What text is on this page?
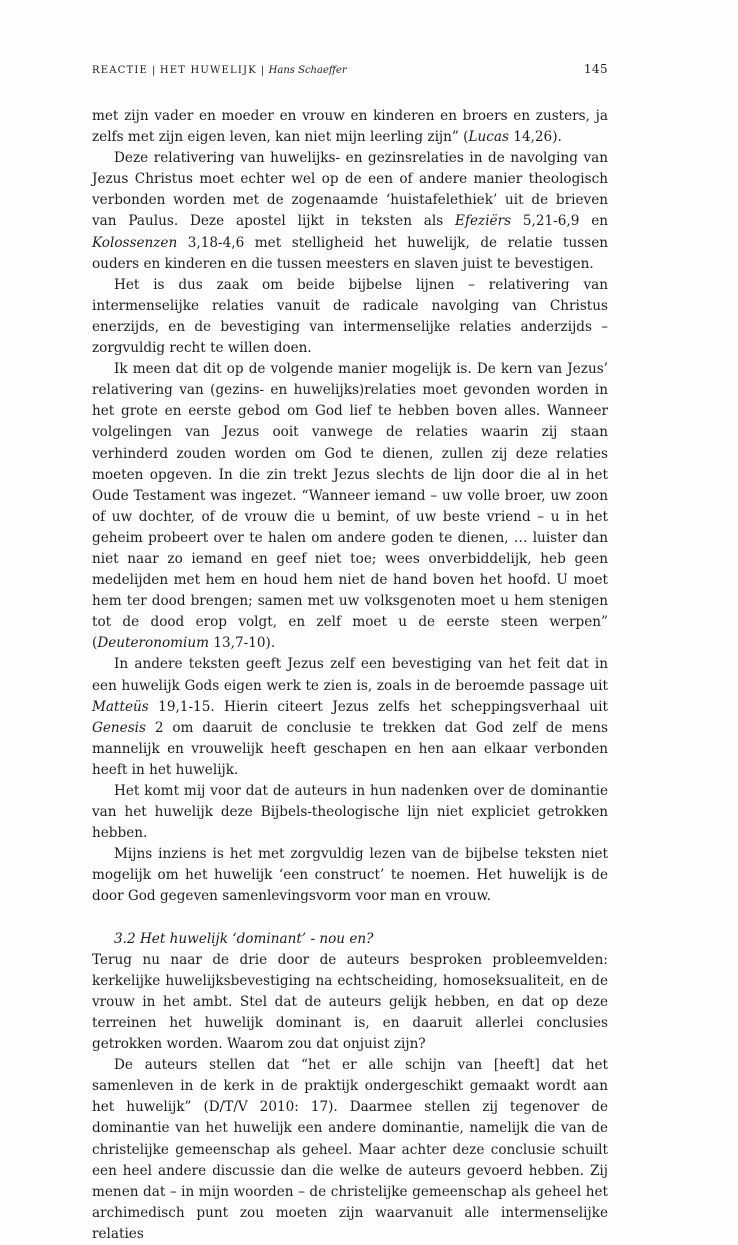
REACTIE | HET HUWELIJK | Hans Schaeffer	145

met zijn vader en moeder en vrouw en kinderen en broers en zusters, ja zelfs met zijn eigen leven, kan niet mijn leerling zijn” (Lucas 14,26).

Deze relativering van huwelijks- en gezinsrelaties in de navolging van Jezus Christus moet echter wel op de een of andere manier theologisch verbonden worden met de zogenaamde ‘huistafelethiek’ uit de brieven van Paulus. Deze apostel lijkt in teksten als Efeziërs 5,21-6,9 en Kolossenzen 3,18-4,6 met stelligheid het huwelijk, de relatie tussen ouders en kinderen en die tussen meesters en slaven juist te bevestigen.

Het is dus zaak om beide bijbelse lijnen – relativering van intermenselijke relaties vanuit de radicale navolging van Christus enerzijds, en de bevestiging van intermenselijke relaties anderzijds – zorgvuldig recht te willen doen.

Ik meen dat dit op de volgende manier mogelijk is. De kern van Jezus’ relativering van (gezins- en huwelijks)relaties moet gevonden worden in het grote en eerste gebod om God lief te hebben boven alles. Wanneer volgelingen van Jezus ooit vanwege de relaties waarin zij staan verhinderd zouden worden om God te dienen, zullen zij deze relaties moeten opgeven. In die zin trekt Jezus slechts de lijn door die al in het Oude Testament was ingezet. “Wanneer iemand – uw volle broer, uw zoon of uw dochter, of de vrouw die u bemint, of uw beste vriend – u in het geheim probeert over te halen om andere goden te dienen, … luister dan niet naar zo iemand en geef niet toe; wees onverbiddelijk, heb geen medelijden met hem en houd hem niet de hand boven het hoofd. U moet hem ter dood brengen; samen met uw volksgenoten moet u hem stenigen tot de dood erop volgt, en zelf moet u de eerste steen werpen” (Deuteronomium 13,7-10).

In andere teksten geeft Jezus zelf een bevestiging van het feit dat in een huwelijk Gods eigen werk te zien is, zoals in de beroemde passage uit Matteüs 19,1-15. Hierin citeert Jezus zelfs het scheppingsverhaal uit Genesis 2 om daaruit de conclusie te trekken dat God zelf de mens mannelijk en vrouwelijk heeft geschapen en hen aan elkaar verbonden heeft in het huwelijk.

Het komt mij voor dat de auteurs in hun nadenken over de dominantie van het huwelijk deze Bijbels-theologische lijn niet expliciet getrokken hebben.

Mijns inziens is het met zorgvuldig lezen van de bijbelse teksten niet mogelijk om het huwelijk ‘een construct’ te noemen. Het huwelijk is de door God gegeven samenlevingsvorm voor man en vrouw.

3.2 Het huwelijk ‘dominant’ - nou en?

Terug nu naar de drie door de auteurs besproken probleemvelden: kerkelijke huwelijksbevestiging na echtscheiding, homoseksualiteit, en de vrouw in het ambt. Stel dat de auteurs gelijk hebben, en dat op deze terreinen het huwelijk dominant is, en daaruit allerlei conclusies getrokken worden. Waarom zou dat onjuist zijn?

De auteurs stellen dat “het er alle schijn van [heeft] dat het samenleven in de kerk in de praktijk ondergeschikt gemaakt wordt aan het huwelijk” (D/T/V 2010: 17). Daarmee stellen zij tegenover de dominantie van het huwelijk een andere dominantie, namelijk die van de christelijke gemeenschap als geheel. Maar achter deze conclusie schuilt een heel andere discussie dan die welke de auteurs gevoerd hebben. Zij menen dat – in mijn woorden – de christelijke gemeenschap als geheel het archimedisch punt zou moeten zijn waarvanuit alle intermenselijke relaties
